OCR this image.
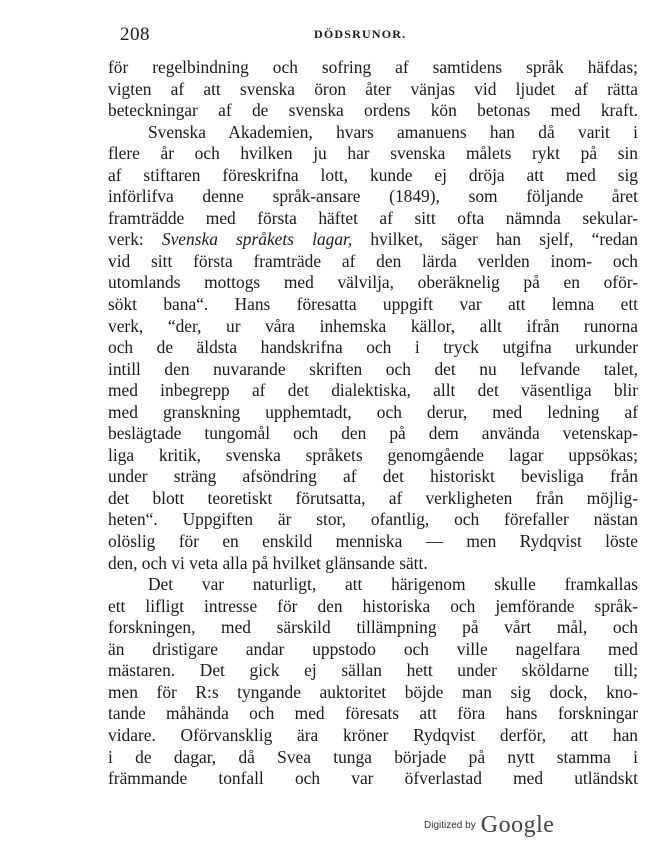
208	DÖDSRUNOR.
för regelbindning och sofring af samtidens språk häfdas;
vigten af att svenska öron åter vänjas vid ljudet af rätta
beteckningar af de svenska ordens kön betonas med kraft.
Svenska Akademien, hvars amanuens han då varit i
flere år och hvilken ju har svenska målets rykt på sin
af stiftaren föreskrifna lott, kunde ej dröja att med sig
införlifva denne språk-ansare (1849), som följande året
framträdde med första häftet af sitt ofta nämnda sekular-
verk: Svenska språkets lagar, hvilket, säger han sjelf, “redan
vid sitt första framträde af den lärda verlden inom- och
utomlands mottogs med välvilja, oberäknelig på en oför-
sökt bana“. Hans föresatta uppgift var att lemna ett
verk, “der, ur våra inhemska källor, allt ifrån runorna
och de äldsta handskrifna och i tryck utgifna urkunder
intill den nuvarande skriften och det nu lefvande talet,
med inbegrepp af det dialektiska, allt det väsentliga blir
med granskning upphemtadt, och derur, med ledning af
beslägtade tungomål och den på dem använda vetenskap-
liga kritik, svenska språkets genomgående lagar uppsökas;
under sträng afsöndring af det historiskt bevisliga från
det blott teoretiskt förutsatta, af verkligheten från möjlig-
heten“. Uppgiften är stor, ofantlig, och förefaller nästan
olöslig för en enskild menniska — men Rydqvist löste
den, och vi veta alla på hvilket glänsande sätt.
Det var naturligt, att härigenom skulle framkallas
ett lifligt intresse för den historiska och jemförande språk-
forskningen, med särskild tillämpning på vårt mål, och
än dristigare andar uppstodo och ville nagelfara med
mästaren. Det gick ej sällan hett under sköldarne till;
men för R:s tyngande auktoritet böjde man sig dock, kno-
tande måhända och med föresats att föra hans forskningar
vidare. Oförvansklig ära kröner Rydqvist derför, att han
i de dagar, då Svea tunga började på nytt stamma i
främmande tonfall och var öfverlastad med utländskt
$^{Digitized by}$ Google
